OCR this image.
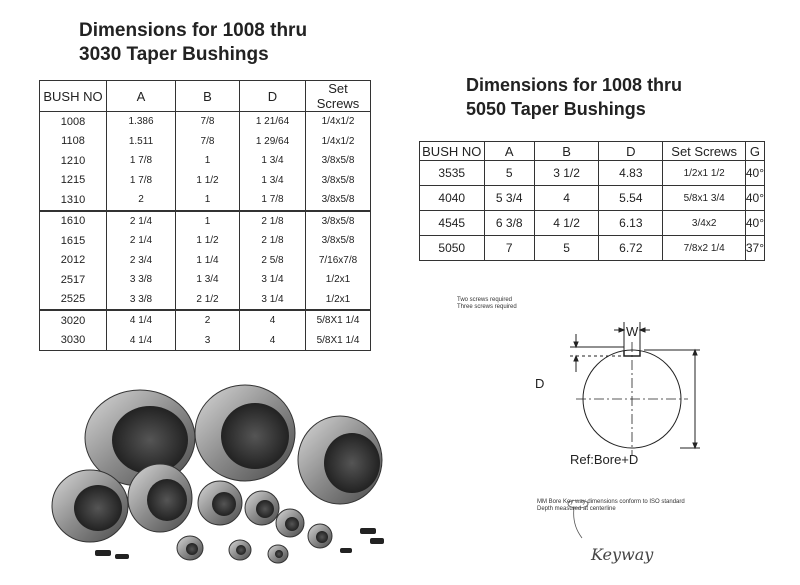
Dimensions for 1008 thru
3030 Taper Bushings
BUSH NO	A	B	D	Set Screws
1008	1.386	7/8	1 21/64	1/4x1/2
1108	1.511	7/8	1 29/64	1/4x1/2
1210	1 7/8	1	1 3/4	3/8x5/8
1215	1 7/8	1 1/2	1 3/4	3/8x5/8
1310	2	1	1 7/8	3/8x5/8
1610	2 1/4	1	2 1/8	3/8x5/8
1615	2 1/4	1 1/2	2 1/8	3/8x5/8
2012	2 3/4	1 1/4	2 5/8	7/16x7/8
2517	3 3/8	1 3/4	3 1/4	1/2x1
2525	3 3/8	2 1/2	3 1/4	1/2x1
3020	4 1/4	2	4	5/8X1 1/4
3030	4 1/4	3	4	5/8X1 1/4
Dimensions for 1008 thru
5050 Taper Bushings
BUSH NO	A	B	D	Set Screws	G
3535	5	3 1/2	4.83	1/2x1 1/2	40°
4040	5 3/4	4	5.54	5/8x1 3/4	40°
4545	6 3/8	4 1/2	6.13	3/4x2	40°
5050	7	5	6.72	7/8x2 1/4	37°
Two screws required
Three screws required
W
D
Ref:Bore+D
MM Bore Key way dimensions conform to ISO standard
Depth measured at centerline
Keyway
